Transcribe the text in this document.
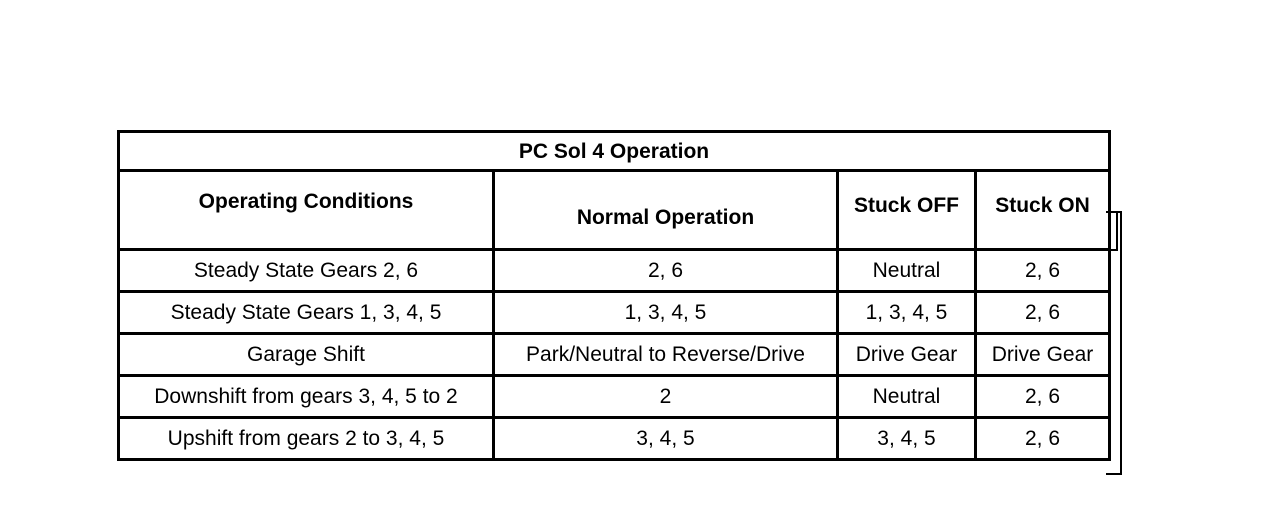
PC Sol 4 Operation			
Operating Conditions	Normal Operation	Stuck OFF	Stuck ON
Steady State Gears 2, 6	2, 6	Neutral	2, 6
Steady State Gears 1, 3, 4, 5	1, 3, 4, 5	1, 3, 4, 5	2, 6
Garage Shift	Park/Neutral to Reverse/Drive	Drive Gear	Drive Gear
Downshift from gears 3, 4, 5 to 2	2	Neutral	2, 6
Upshift from gears 2 to 3, 4, 5	3, 4, 5	3, 4, 5	2, 6
